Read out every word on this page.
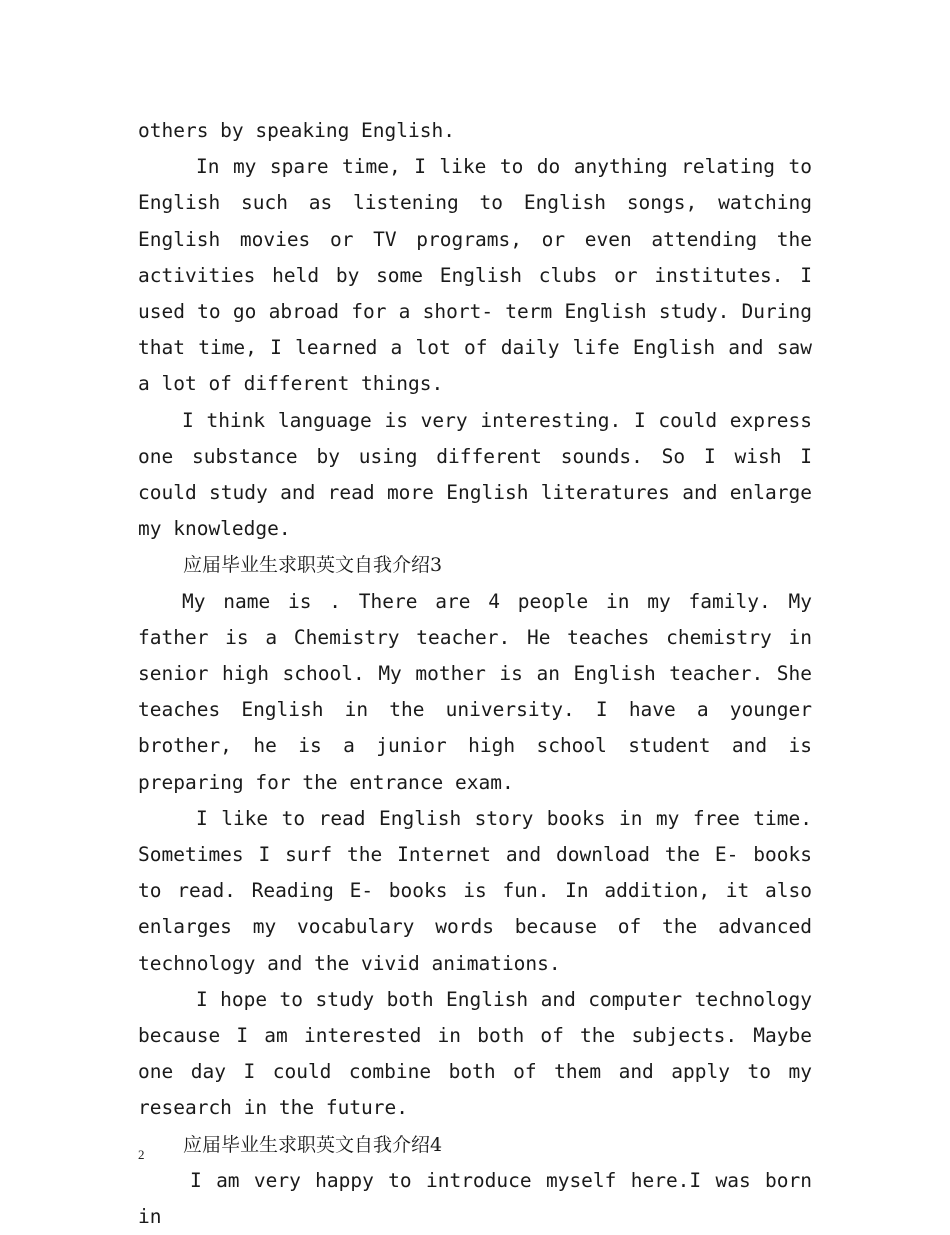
others by speaking English.

In my spare time, I like to do anything relating to English such as listening to English songs, watching English movies or TV programs, or even attending the activities held by some English clubs or institutes. I used to go abroad for a short- term English study. During that time, I learned a lot of daily life English and saw a lot of different things.

I think language is very interesting. I could express one substance by using different sounds. So I wish I could study and read more English literatures and enlarge my knowledge.

应届毕业生求职英文自我介绍3

My name is . There are 4 people in my family. My father is a Chemistry teacher. He teaches chemistry in senior high school. My mother is an English teacher. She teaches English in the university. I have a younger brother, he is a junior high school student and is preparing for the entrance exam.

I like to read English story books in my free time. Sometimes I surf the Internet and download the E- books to read. Reading E- books is fun. In addition, it also enlarges my vocabulary words because of the advanced technology and the vivid animations.

I hope to study both English and computer technology because I am interested in both of the subjects. Maybe one day I could combine both of them and apply to my research in the future.

应届毕业生求职英文自我介绍4

I am very happy to introduce myself here.I was born in

2
